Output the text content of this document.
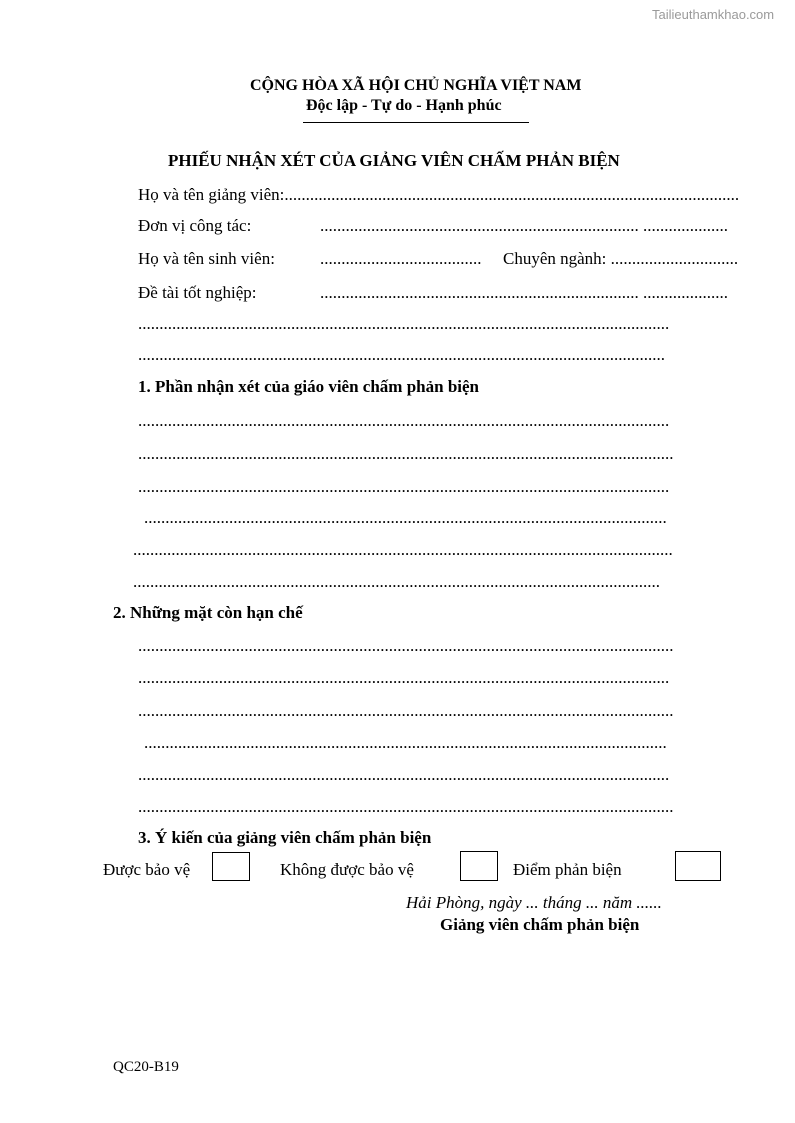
Tailieuthamkhao.com
CỘNG HÒA XÃ HỘI CHỦ NGHĨA VIỆT NAM
Độc lập - Tự do - Hạnh phúc
PHIẾU NHẬN XÉT CỦA GIẢNG VIÊN CHẤM PHẢN BIỆN
Họ và tên giảng viên:...........................................................................................................
Đơn vị công tác:	........................................................................... ....................
Họ và tên sinh viên:	...................................... Chuyên ngành: ..............................
Đề tài tốt nghiệp:	........................................................................... ....................
.............................................................................................................................
............................................................................................................................
1. Phần nhận xét của giáo viên chấm phản biện
.............................................................................................................................
..............................................................................................................................
.............................................................................................................................
...........................................................................................................................
...............................................................................................................................
............................................................................................................................
2. Những mặt còn hạn chế
..............................................................................................................................
.............................................................................................................................
..............................................................................................................................
...........................................................................................................................
.............................................................................................................................
..............................................................................................................................
3. Ý kiến của giảng viên chấm phản biện
Được bảo vệ	Không được bảo vệ	Điểm phản biện
Hải Phòng, ngày ... tháng ... năm ......
Giảng viên chấm phản biện
QC20-B19
